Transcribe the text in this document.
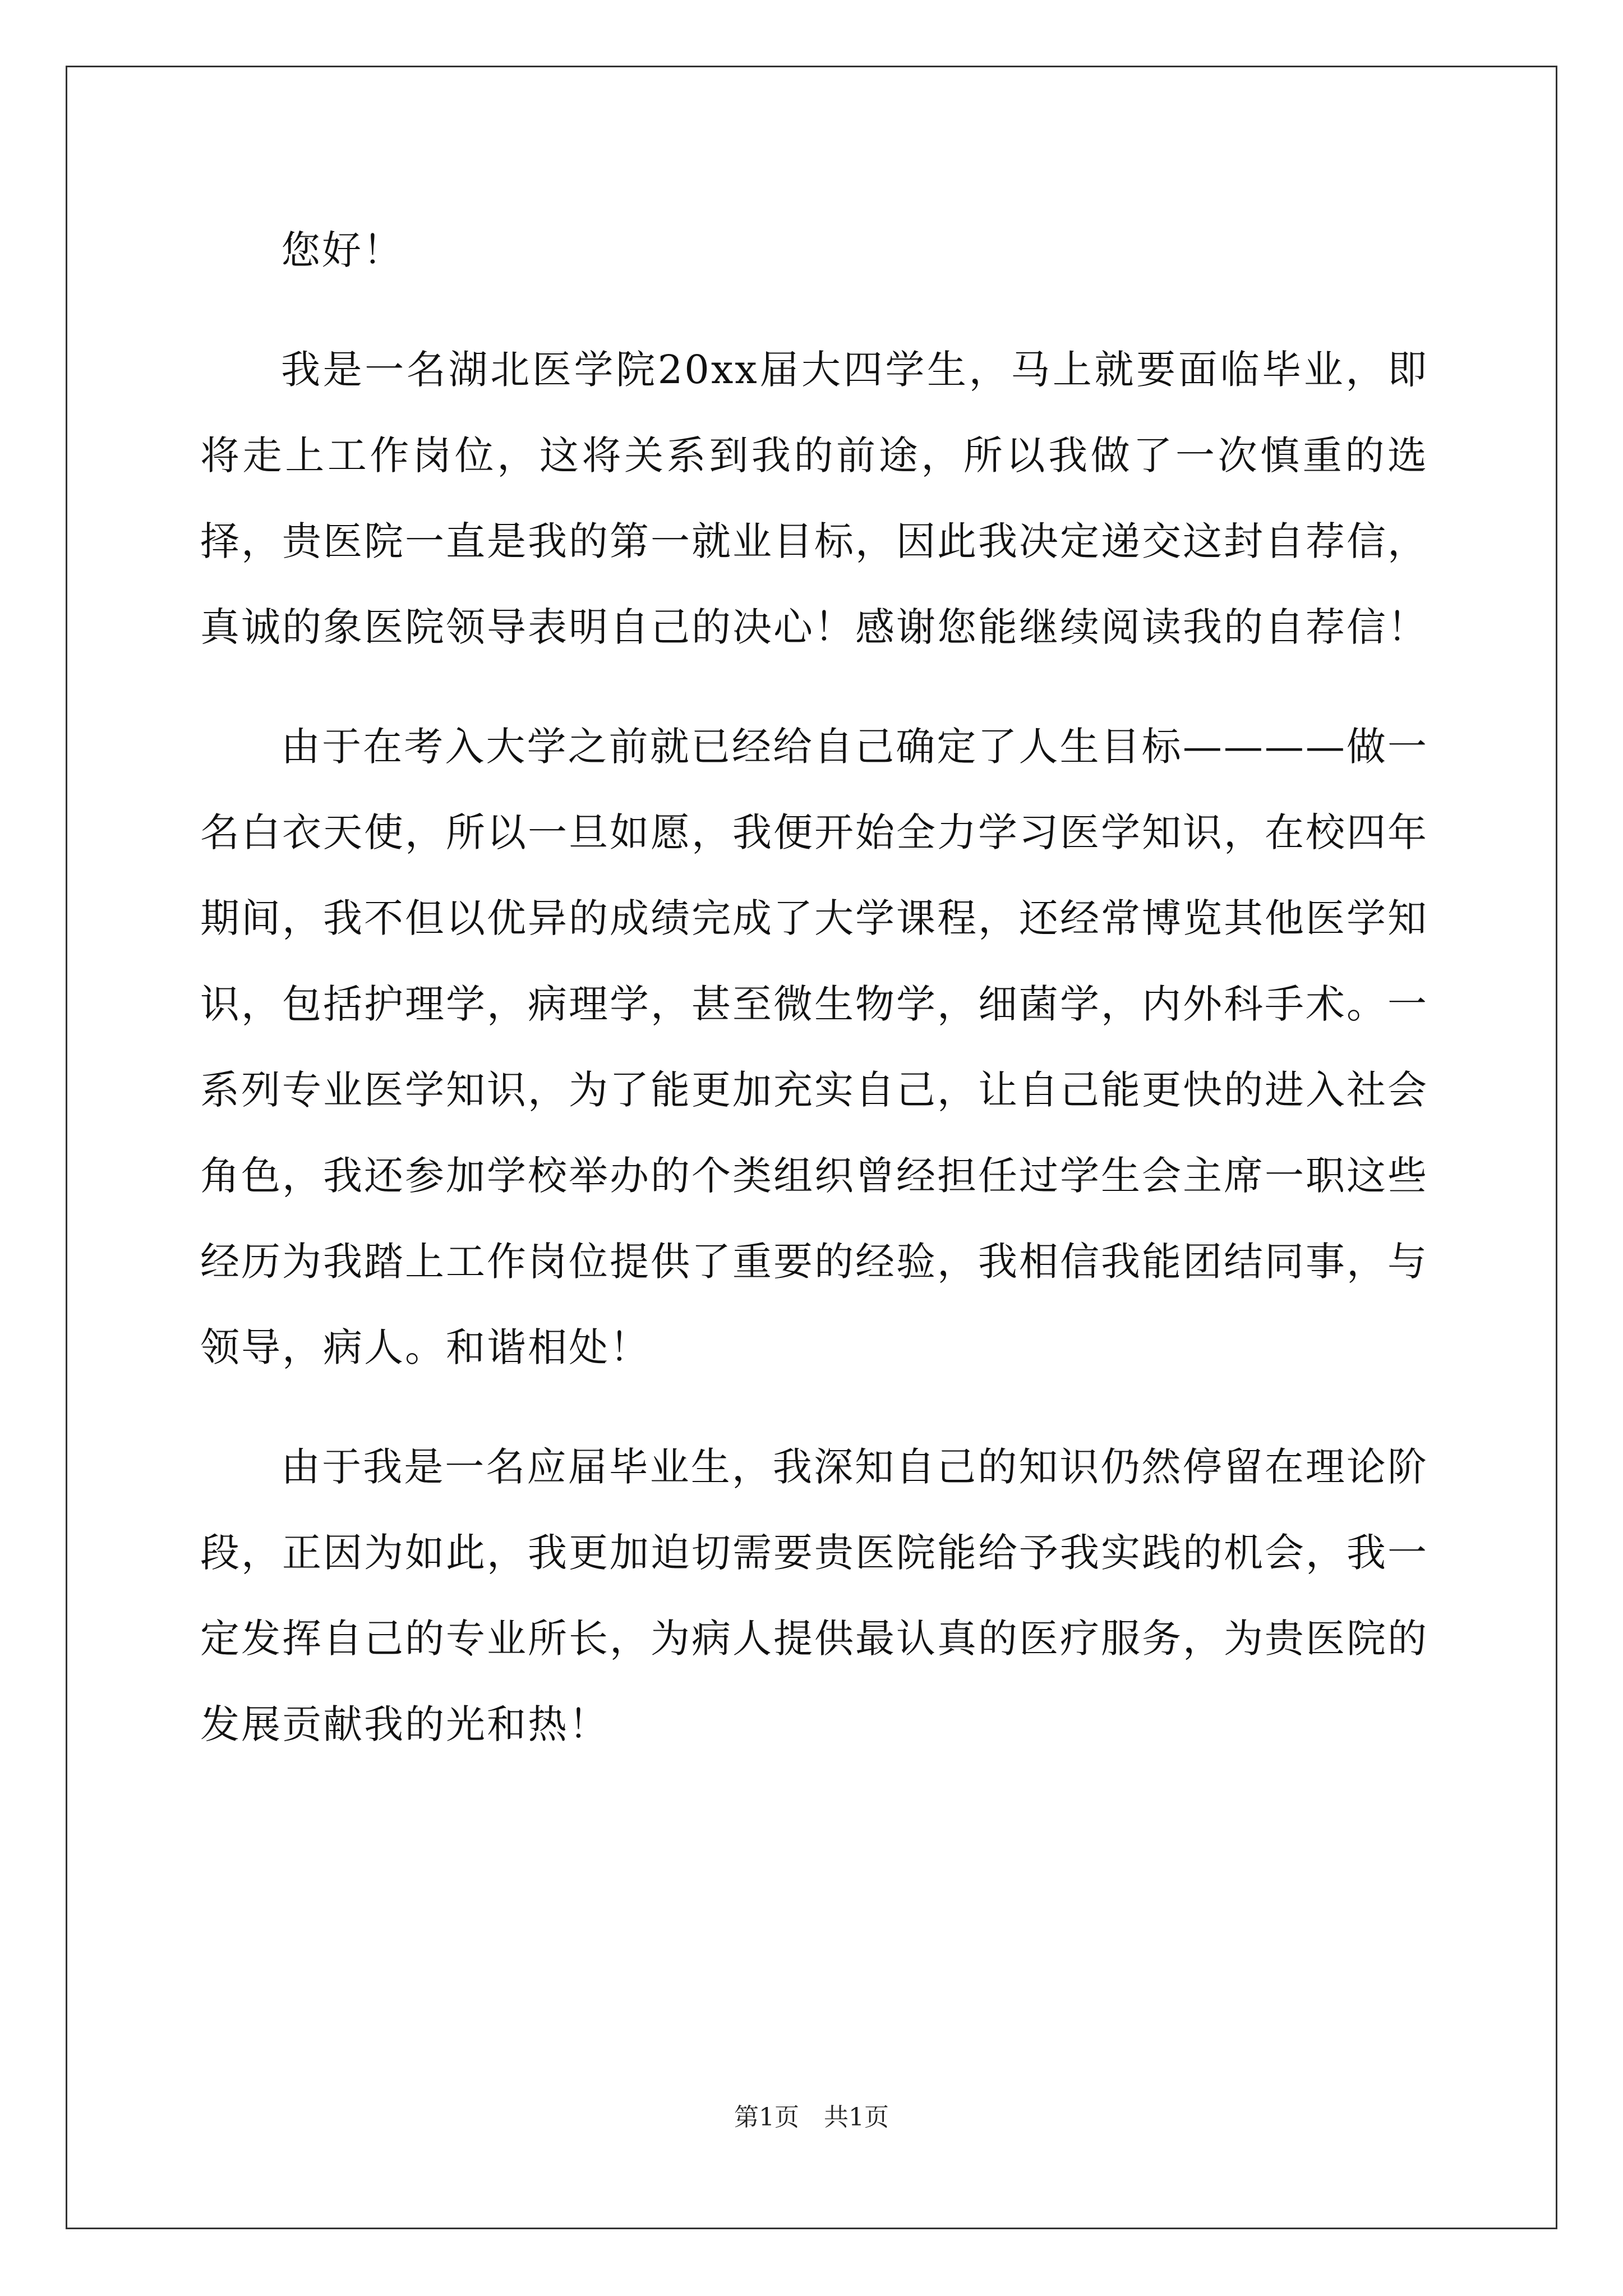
您好！

我是一名湖北医学院20xx届大四学生，马上就要面临毕业，即将走上工作岗位，这将关系到我的前途，所以我做了一次慎重的选择，贵医院一直是我的第一就业目标，因此我决定递交这封自荐信，真诚的象医院领导表明自己的决心！感谢您能继续阅读我的自荐信！

由于在考入大学之前就已经给自己确定了人生目标————做一名白衣天使，所以一旦如愿，我便开始全力学习医学知识，在校四年期间，我不但以优异的成绩完成了大学课程，还经常博览其他医学知识，包括护理学，病理学，甚至微生物学，细菌学，内外科手术。一系列专业医学知识，为了能更加充实自己，让自己能更快的进入社会角色，我还参加学校举办的个类组织曾经担任过学生会主席一职这些经历为我踏上工作岗位提供了重要的经验，我相信我能团结同事，与领导，病人。和谐相处！

由于我是一名应届毕业生，我深知自己的知识仍然停留在理论阶段，正因为如此，我更加迫切需要贵医院能给予我实践的机会，我一定发挥自己的专业所长，为病人提供最认真的医疗服务，为贵医院的发展贡献我的光和热！

第1页　共1页
